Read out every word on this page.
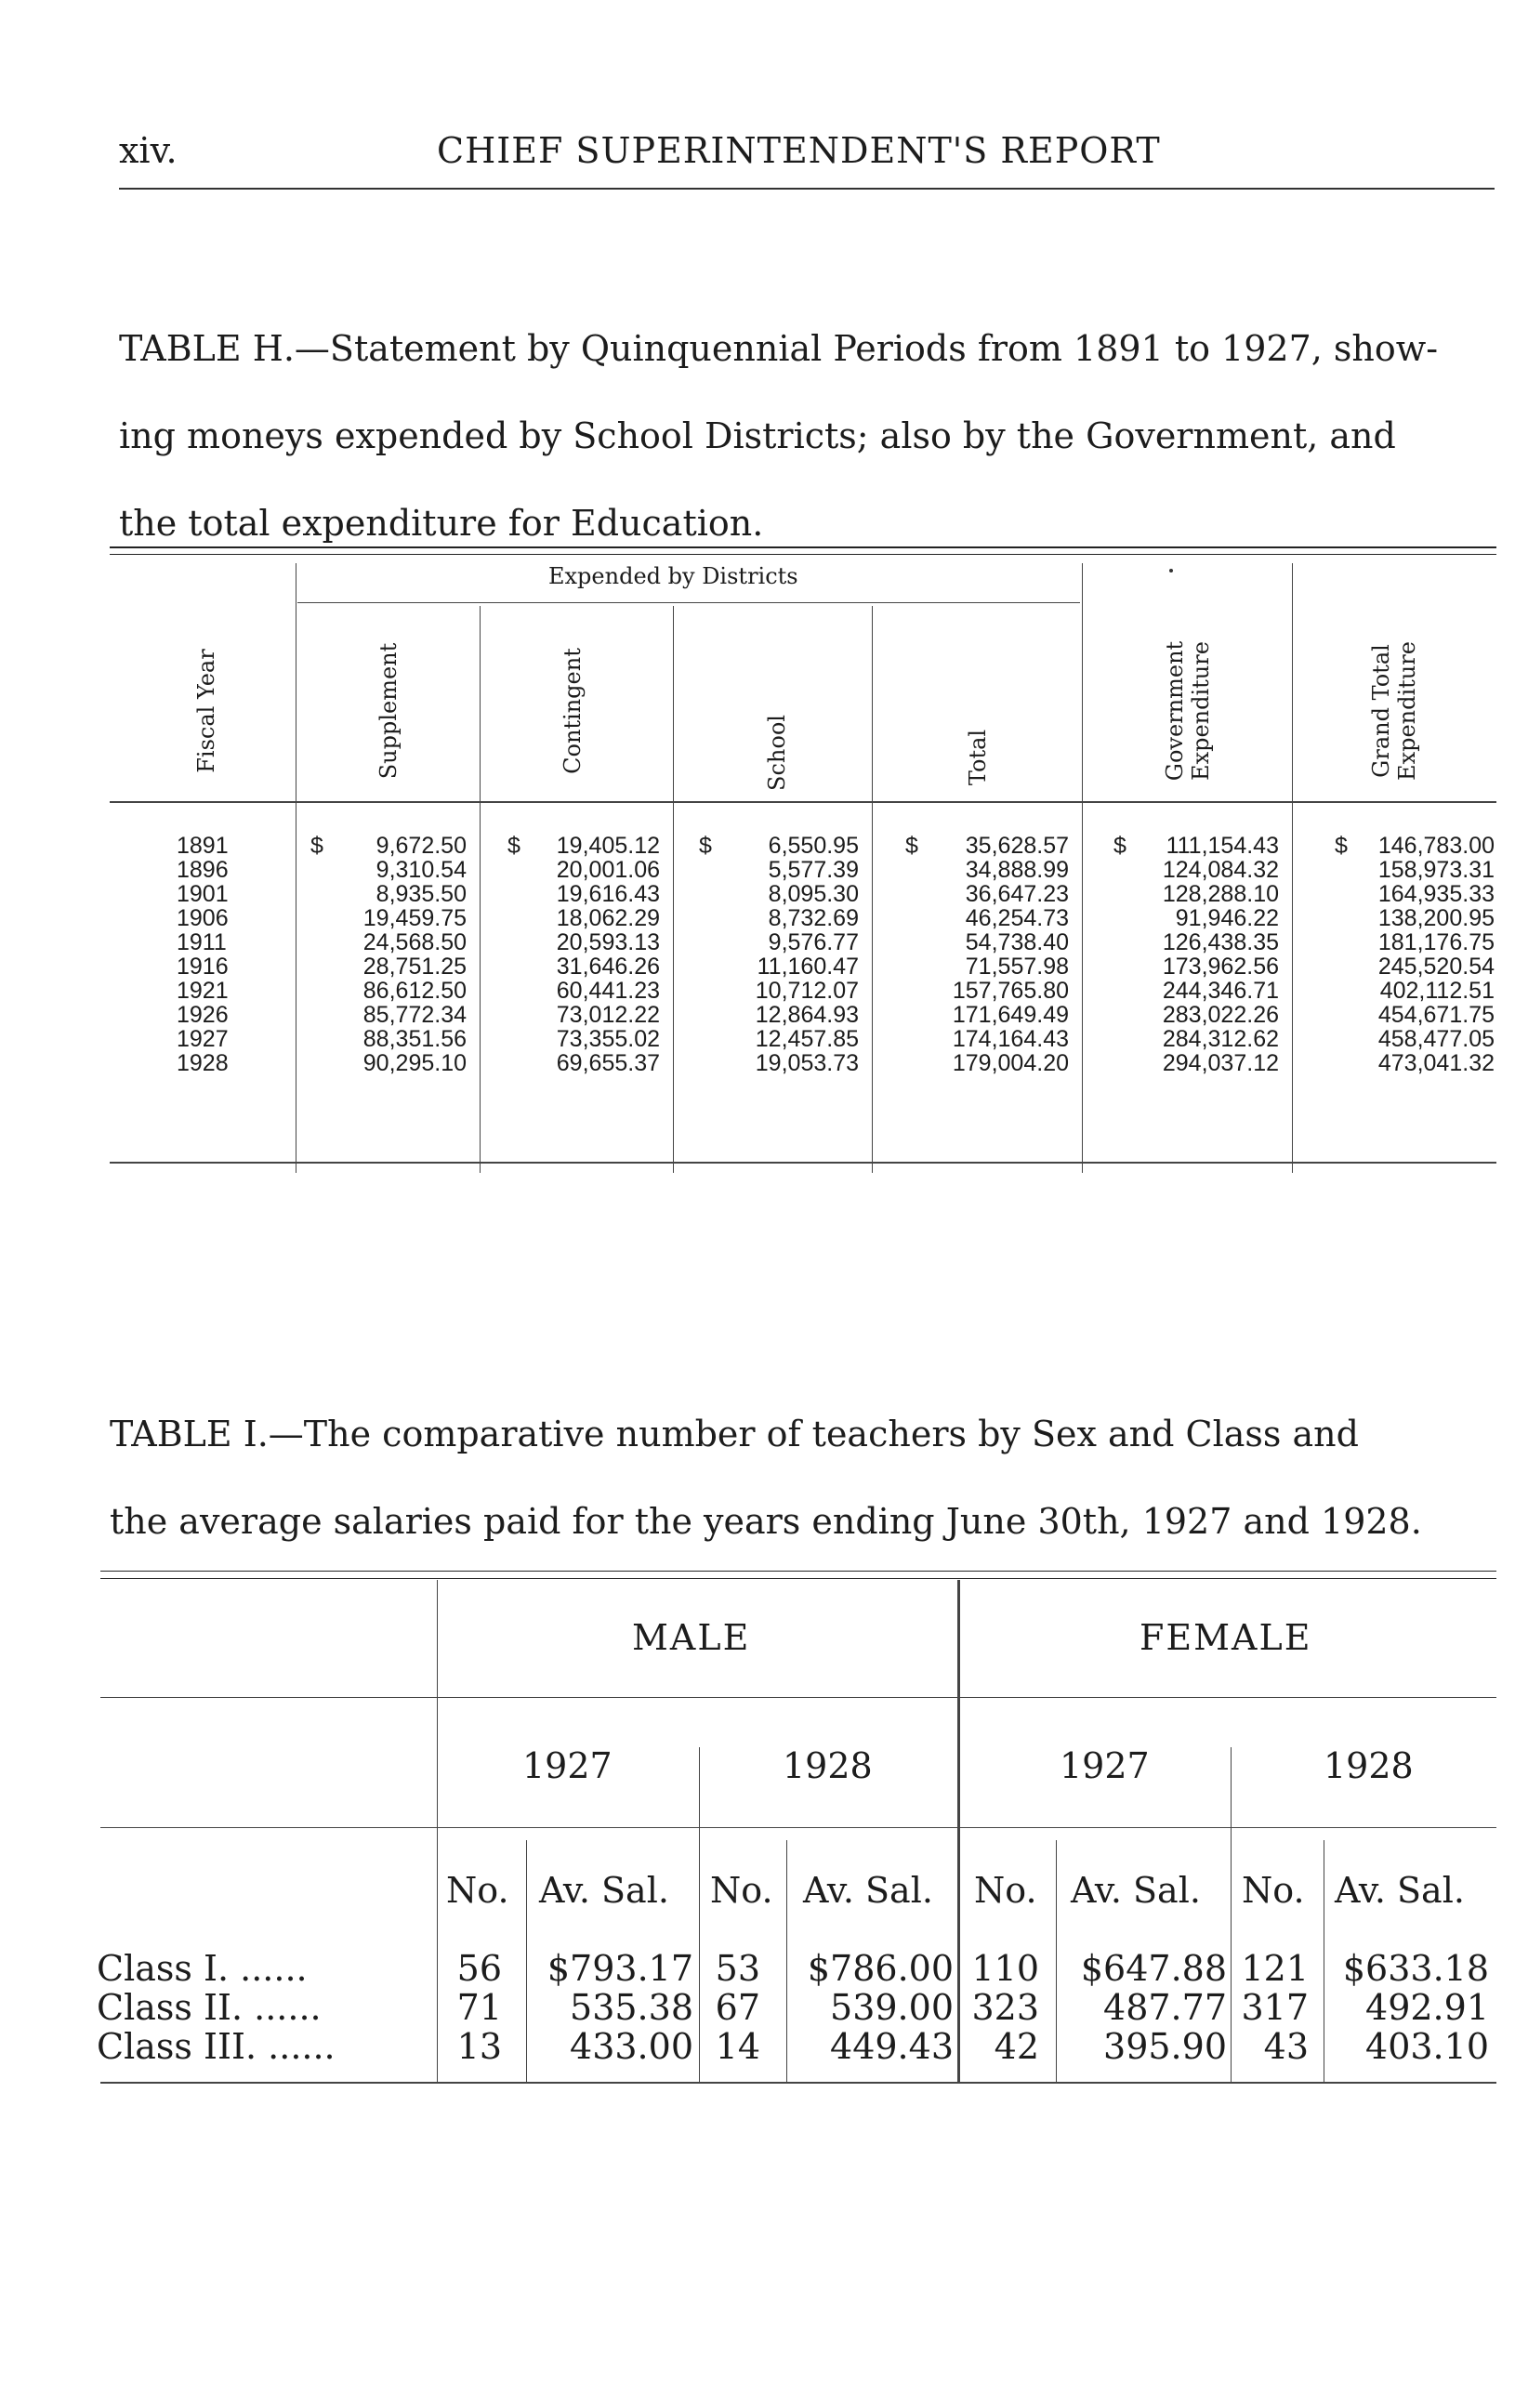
xiv.	CHIEF SUPERINTENDENT'S REPORT
TABLE H.—Statement by Quinquennial Periods from 1891 to 1927, show-
ing moneys expended by School Districts; also by the Government, and
the total expenditure for Education.
Expended by Districts
Fiscal Year	Supplement	Contingent	School	Total	Government Expenditure	Grand Total Expenditure
$	$	$	$	$	$
1891	9,672.50	19,405.12	6,550.95	35,628.57	111,154.43	146,783.00
1896	9,310.54	20,001.06	5,577.39	34,888.99	124,084.32	158,973.31
1901	8,935.50	19,616.43	8,095.30	36,647.23	128,288.10	164,935.33
1906	19,459.75	18,062.29	8,732.69	46,254.73	91,946.22	138,200.95
1911	24,568.50	20,593.13	9,576.77	54,738.40	126,438.35	181,176.75
1916	28,751.25	31,646.26	11,160.47	71,557.98	173,962.56	245,520.54
1921	86,612.50	60,441.23	10,712.07	157,765.80	244,346.71	402,112.51
1926	85,772.34	73,012.22	12,864.93	171,649.49	283,022.26	454,671.75
1927	88,351.56	73,355.02	12,457.85	174,164.43	284,312.62	458,477.05
1928	90,295.10	69,655.37	19,053.73	179,004.20	294,037.12	473,041.32
TABLE I.—The comparative number of teachers by Sex and Class and
the average salaries paid for the years ending June 30th, 1927 and 1928.
MALE	FEMALE
1927	1928	1927	1928
No. Av. Sal. No. Av. Sal. No. Av. Sal. No. Av. Sal.
Class I. ......	56 $793.17 53 $786.00 110 $647.88 121 $633.18
Class II. ......	71 535.38 67 539.00 323 487.77 317 492.91
Class III. ......	13 433.00 14 449.43 42 395.90 43 403.10
